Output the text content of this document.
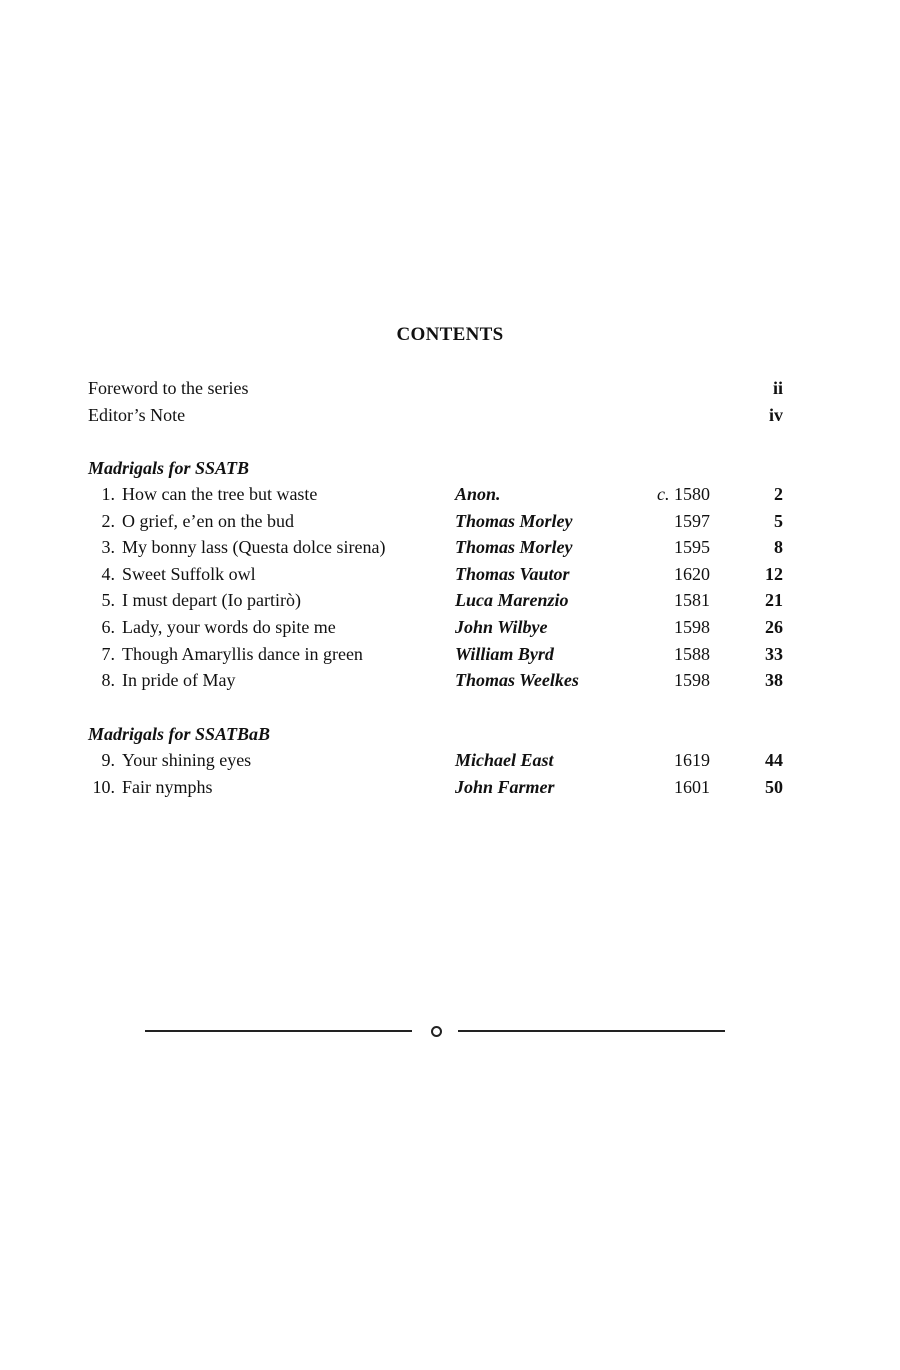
CONTENTS
Foreword to the series	ii
Editor’s Note	iv
Madrigals for SSATB
1. How can the tree but waste	Anon.	c. 1580	2
2. O grief, e’en on the bud	Thomas Morley	1597	5
3. My bonny lass (Questa dolce sirena)	Thomas Morley	1595	8
4. Sweet Suffolk owl	Thomas Vautor	1620	12
5. I must depart (Io partirò)	Luca Marenzio	1581	21
6. Lady, your words do spite me	John Wilbye	1598	26
7. Though Amaryllis dance in green	William Byrd	1588	33
8. In pride of May	Thomas Weelkes	1598	38
Madrigals for SSATBaB
9. Your shining eyes	Michael East	1619	44
10. Fair nymphs	John Farmer	1601	50
